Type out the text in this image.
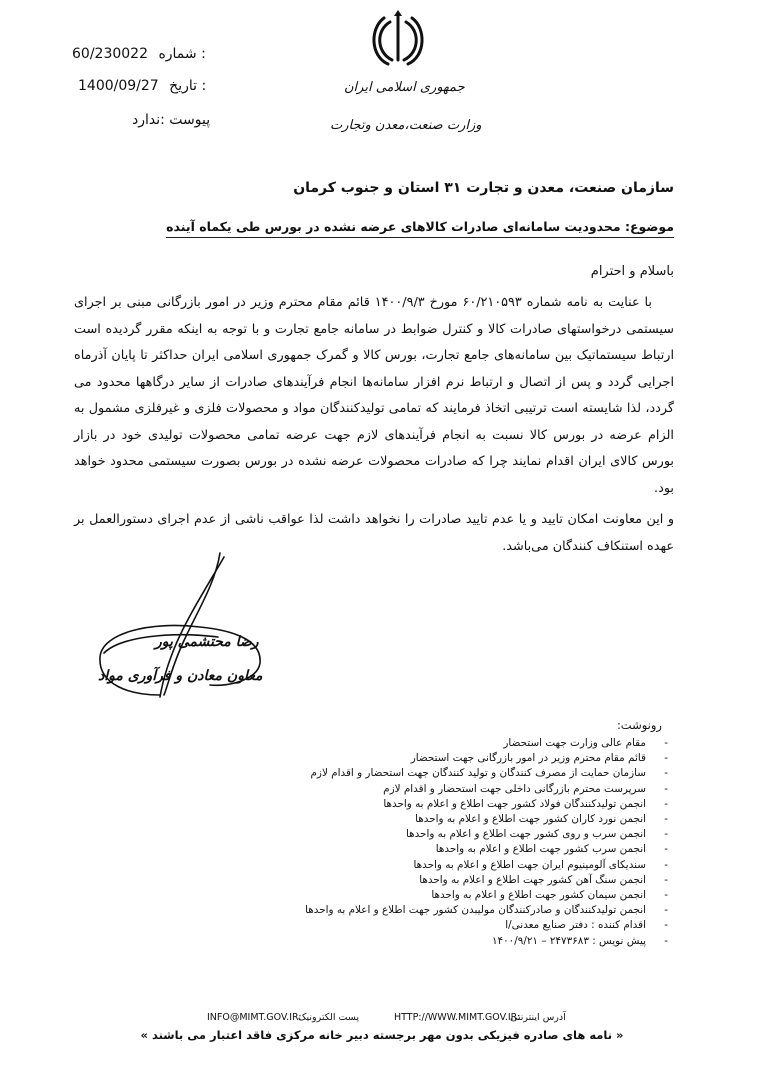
60/230022 شماره :
1400/09/27 تاریخ :
پیوست :ندارد
جمهوری اسلامی ایران
وزارت صنعت،معدن وتجارت
سازمان صنعت، معدن و تجارت ۳۱ استان و جنوب کرمان
موضوع: محدودیت سامانه‌ای صادرات کالاهای عرضه نشده در بورس طی یکماه آینده
باسلام و احترام
با عنایت به نامه شماره ۶۰/۲۱۰۵۹۳ مورخ ۱۴۰۰/۹/۳ قائم مقام محترم وزیر در امور بازرگانی مبنی بر اجرای سیستمی درخواستهای صادرات کالا و کنترل ضوابط در سامانه جامع تجارت و با توجه به اینکه مقرر گردیده است ارتباط سیستماتیک بین سامانه‌های جامع تجارت، بورس کالا و گمرک جمهوری اسلامی ایران حداکثر تا پایان آذرماه اجرایی گردد و پس از اتصال و ارتباط نرم افزار سامانه‌ها انجام فرآیندهای صادرات از سایر درگاهها محدود می گردد، لذا شایسته است ترتیبی اتخاذ فرمایند که تمامی تولیدکنندگان مواد و محصولات فلزی و غیرفلزی مشمول به الزام عرضه در بورس کالا نسبت به انجام فرآیندهای لازم جهت عرضه تمامی محصولات تولیدی خود در بازار بورس کالای ایران اقدام نمایند چرا که صادرات محصولات عرضه نشده در بورس بصورت سیستمی محدود خواهد بود.
و این معاونت امکان تایید و یا عدم تایید صادرات را نخواهد داشت لذا عواقب ناشی از عدم اجرای دستورالعمل بر عهده استنکاف کنندگان می‌باشد.
رضا محتشمی پور
معاون معادن و فرآوری مواد
رونوشت:
-
مقام عالی وزارت جهت استحضار
-
قائم مقام محترم وزیر در امور بازرگانی جهت استحضار
-
سازمان حمایت از مصرف کنندگان و تولید کنندگان جهت استحضار و اقدام لازم
-
سرپرست محترم بازرگانی داخلی جهت استحضار و اقدام لازم
-
انجمن تولیدکنندگان فولاد کشور جهت اطلاع و اعلام به واحدها
-
انجمن نورد کاران کشور جهت اطلاع و اعلام به واحدها
-
انجمن سرب و روی کشور جهت اطلاع و اعلام به واحدها
-
انجمن سرب کشور جهت اطلاع و اعلام به واحدها
-
سندیکای آلومینیوم ایران جهت اطلاع و اعلام به واحدها
-
انجمن سنگ آهن کشور جهت اطلاع و اعلام به واحدها
-
انجمن سیمان کشور جهت اطلاع و اعلام به واحدها
-
انجمن تولیدکنندگان و صادرکنندگان مولیبدن کشور جهت اطلاع و اعلام به واحدها
-
اقدام کننده : دفتر صنایع معدنی/ا
-
پیش نویس : ۲۴۷۳۶۸۳ – ۱۴۰۰/۹/۲۱
INFO@MIMT.GOV.IR:
پست الکترونیک	HTTP://WWW.MIMT.GOV.IR:
آدرس اینترنتی
« نامه های صادره فیزیکی بدون مهر برجسته دبیر خانه مرکزی فاقد اعتبار می باشند »
